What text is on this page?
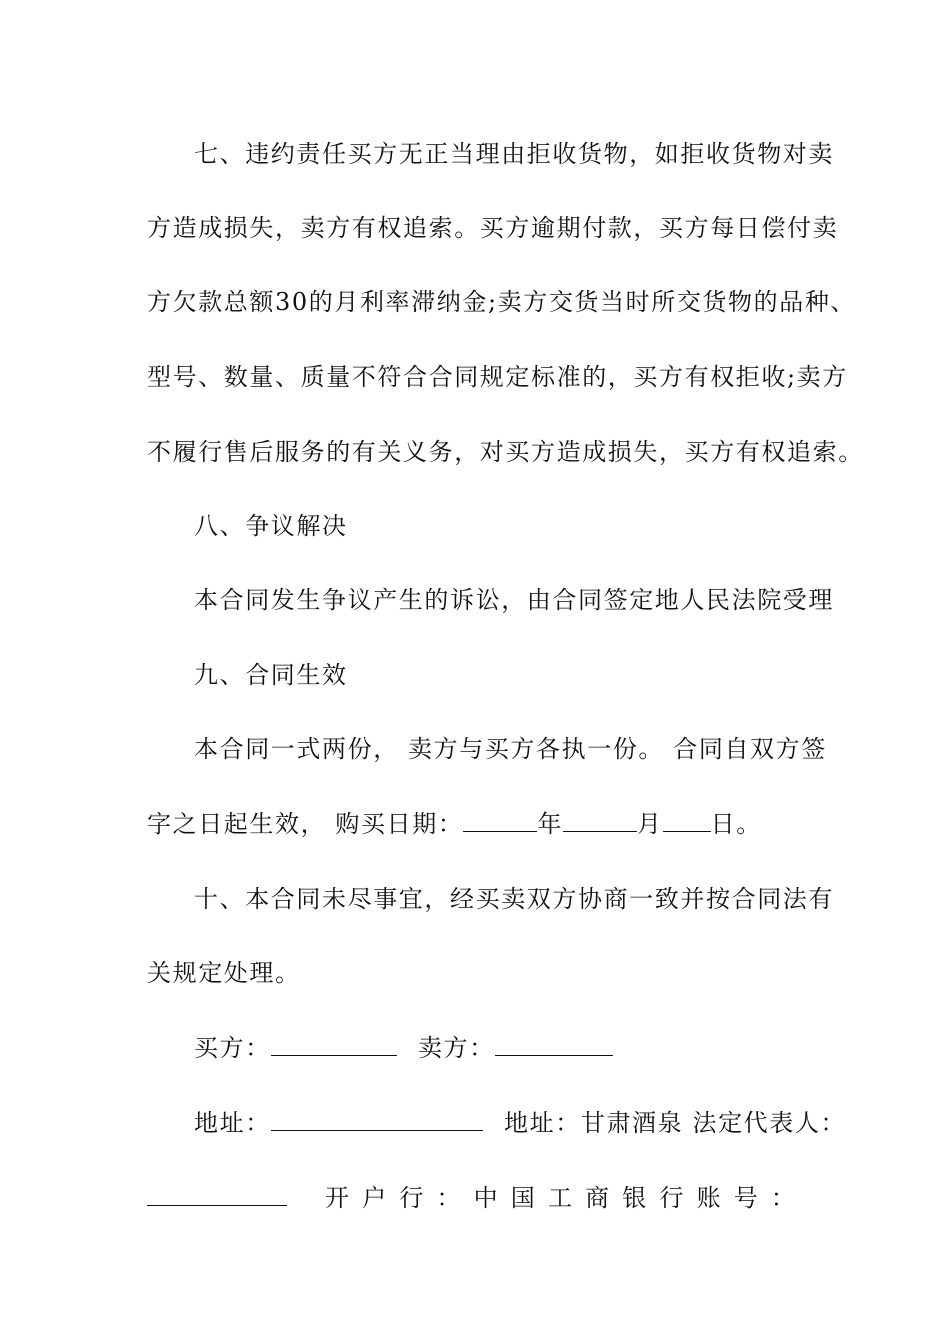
七、违约责任买方无正当理由拒收货物，如拒收货物对卖
方造成损失，卖方有权追索。买方逾期付款，买方每日偿付卖
方欠款总额30的月利率滞纳金;卖方交货当时所交货物的品种、
型号、数量、质量不符合合同规定标准的，买方有权拒收;卖方
不履行售后服务的有关义务，对买方造成损失，买方有权追索。
八、争议解决
本合同发生争议产生的诉讼，由合同签定地人民法院受理
九、合同生效
本合同一式两份， 卖方与买方各执一份。 合同自双方签
字之日起生效， 购买日期：	年	月 日。
十、本合同未尽事宜，经买卖双方协商一致并按合同法有
关规定处理。
买方：	卖方：
地址：	地址：甘肃酒泉 法定代表人：
开 户 行 ： 中 国 工 商 银 行 账 号 ：
